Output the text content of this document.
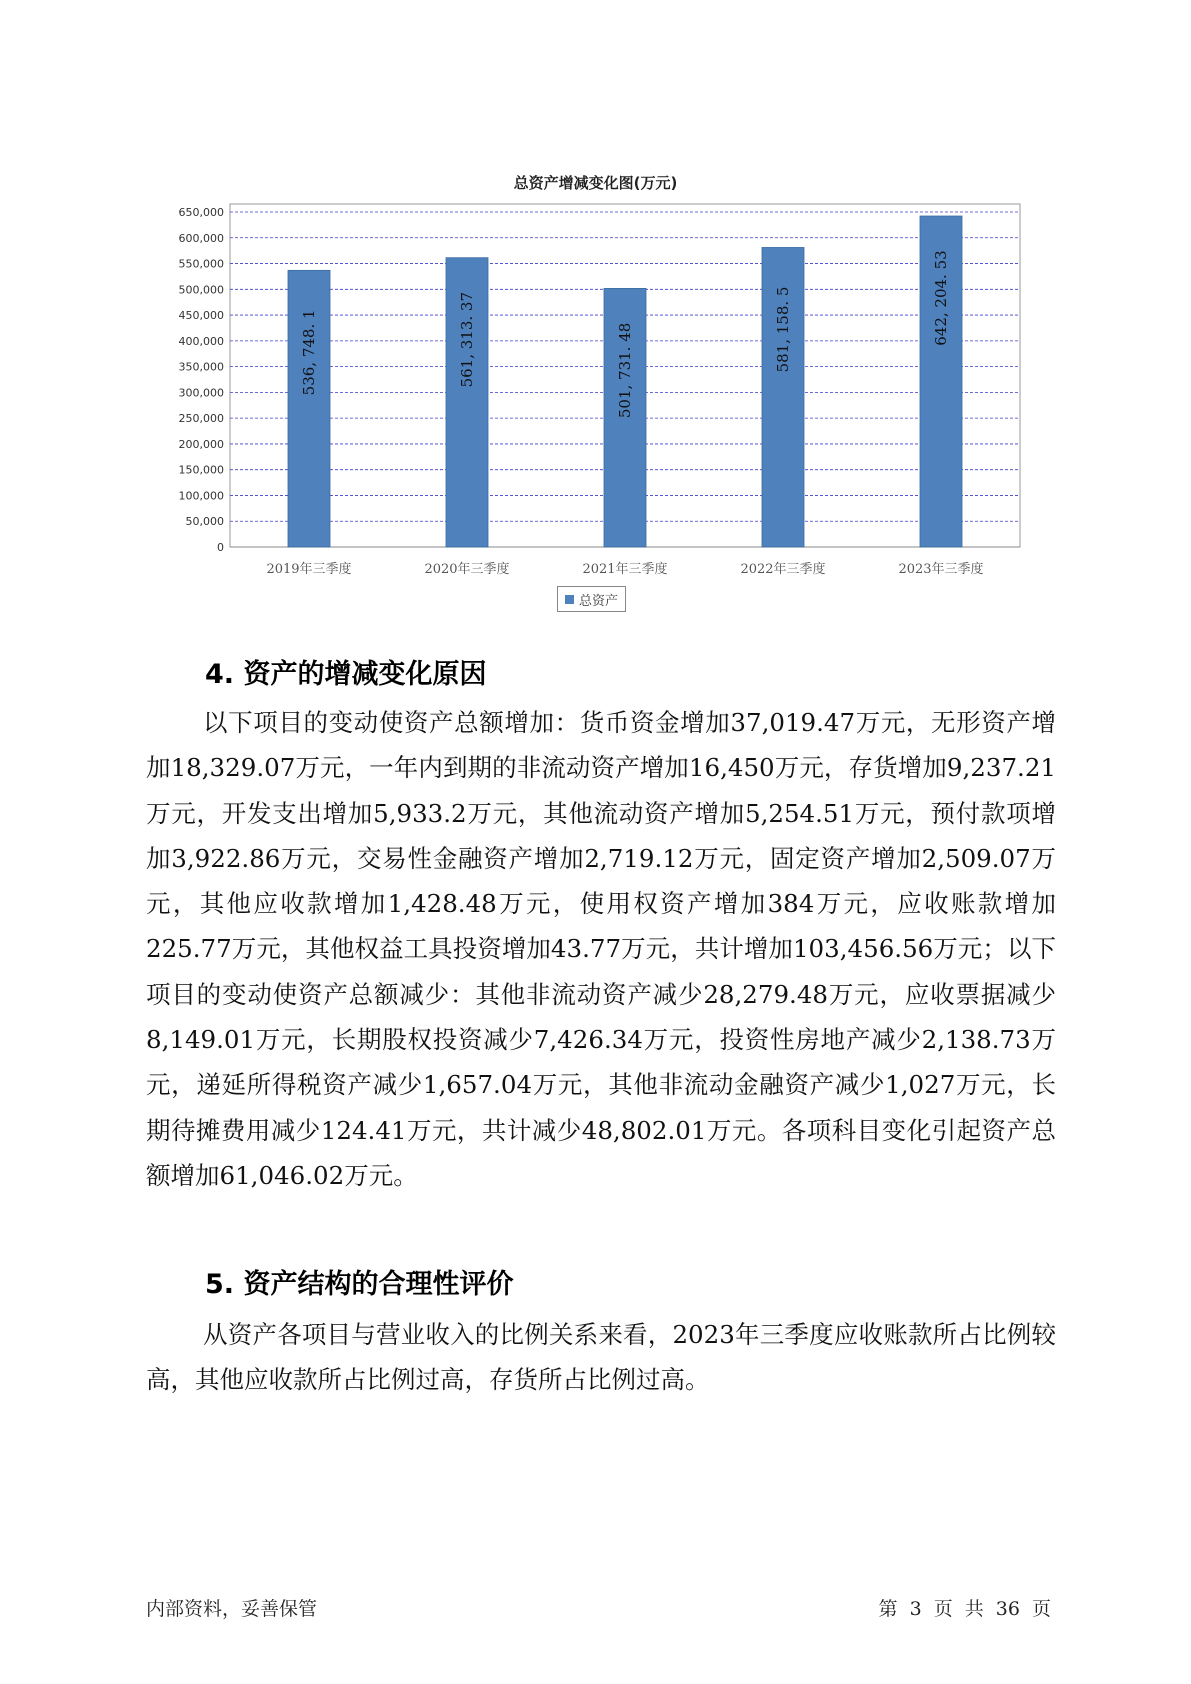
总资产增减变化图(万元)
0
50,000
100,000
150,000
200,000
250,000
300,000
350,000
400,000
450,000
500,000
550,000
600,000
650,000
536, 748. 1
2019年三季度
561, 313. 37
2020年三季度
501, 731. 48
2021年三季度
581, 158. 5
2022年三季度
642, 204. 53
2023年三季度
总资产
4. 资产的增减变化原因

以下项目的变动使资产总额增加：货币资金增加37,019.47万元，无形资产增加18,329.07万元，一年内到期的非流动资产增加16,450万元，存货增加9,237.21万元，开发支出增加5,933.2万元，其他流动资产增加5,254.51万元，预付款项增加3,922.86万元，交易性金融资产增加2,719.12万元，固定资产增加2,509.07万元，其他应收款增加1,428.48万元，使用权资产增加384万元，应收账款增加225.77万元，其他权益工具投资增加43.77万元，共计增加103,456.56万元；以下项目的变动使资产总额减少：其他非流动资产减少28,279.48万元，应收票据减少8,149.01万元，长期股权投资减少7,426.34万元，投资性房地产减少2,138.73万元，递延所得税资产减少1,657.04万元，其他非流动金融资产减少1,027万元，长期待摊费用减少124.41万元，共计减少48,802.01万元。各项科目变化引起资产总额增加61,046.02万元。

5. 资产结构的合理性评价

从资产各项目与营业收入的比例关系来看，2023年三季度应收账款所占比例较高，其他应收款所占比例过高，存货所占比例过高。

内部资料，妥善保管	第 3 页 共 36 页
